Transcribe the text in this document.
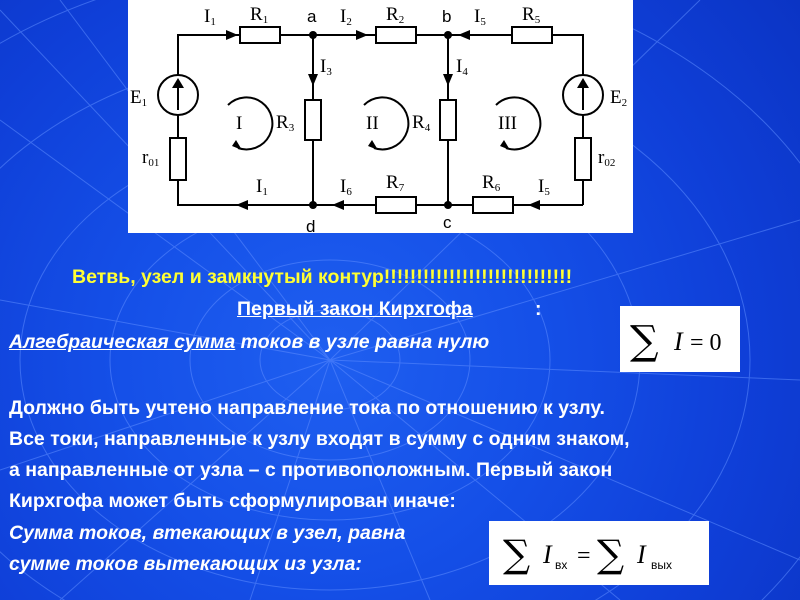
R1	R2	R5
R3	R4
R7	R6
E1	E2
r01	r02
I1	I2	I5
I3	I4
I1	I6	I5
I	II	III
a	b
c
d
Ветвь, узел и замкнутый контур!!!!!!!!!!!!!!!!!!!!!!!!!!!!!
Первый закон Кирхгофа	:
Алгебраическая сумма токов в узле равна нулю	∑ I = 0
Должно быть учтено направление тока по отношению к узлу.
Все токи, направленные к узлу входят в сумму с одним знаком,
а направленные от узла – с противоположным. Первый закон
Кирхгофа может быть сформулирован иначе:
Сумма токов, втекающих в узел, равна
сумме токов вытекающих из узла:	∑ I вх = ∑ I вых
